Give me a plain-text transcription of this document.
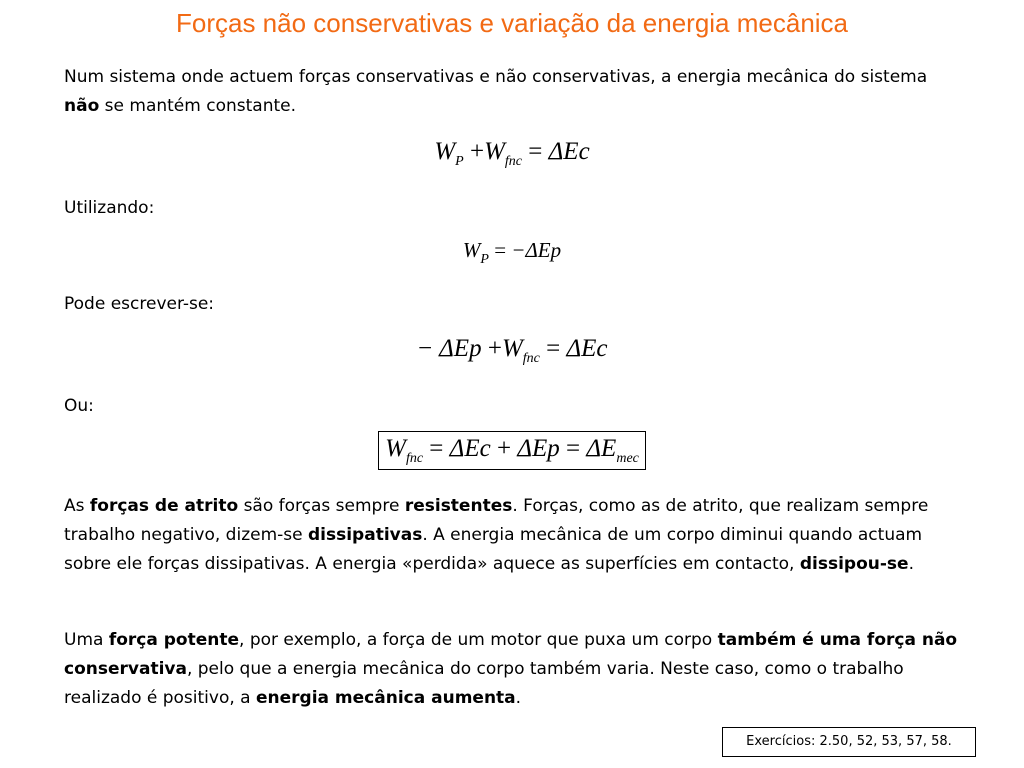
Forças não conservativas e variação da energia mecânica

Num sistema onde actuem forças conservativas e não conservativas, a energia mecânica do sistema não se mantém constante.

$W_P +W_{fnc} = \Delta Ec$

Utilizando:

$W_P = -\Delta Ep$

Pode escrever-se:

− $\Delta Ep +W_{fnc} = \Delta Ec$

Ou:

$W_{fnc} = \Delta Ec + \Delta Ep = \Delta E_{mec}$

As forças de atrito são forças sempre resistentes. Forças, como as de atrito, que realizam sempre trabalho negativo, dizem-se dissipativas. A energia mecânica de um corpo diminui quando actuam sobre ele forças dissipativas. A energia «perdida» aquece as superfícies em contacto, dissipou-se.

Uma força potente, por exemplo, a força de um motor que puxa um corpo também é uma força não conservativa, pelo que a energia mecânica do corpo também varia. Neste caso, como o trabalho realizado é positivo, a energia mecânica aumenta.

Exercícios: 2.50, 52, 53, 57, 58.
